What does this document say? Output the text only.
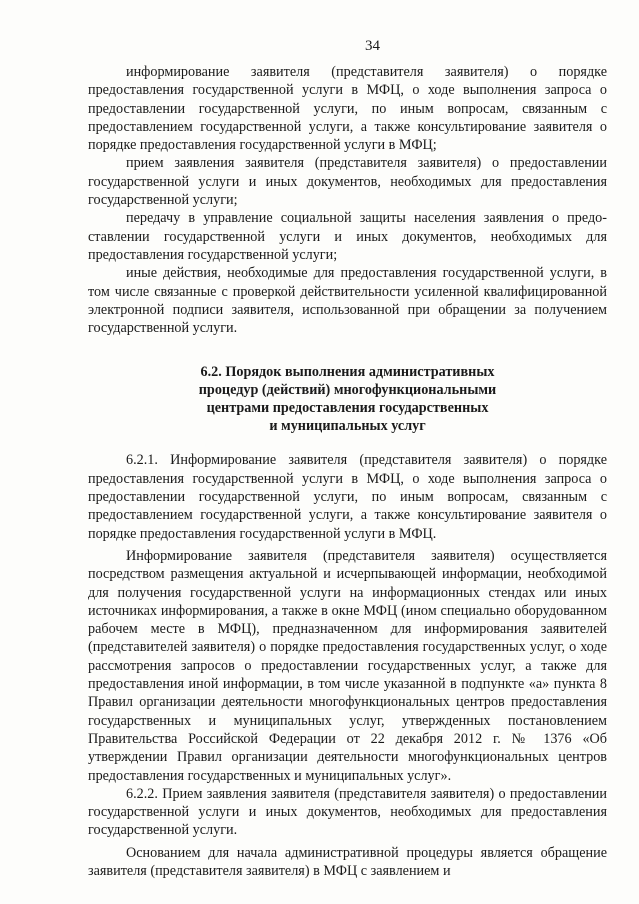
34

информирование заявителя (представителя заявителя) о порядке предоставления государственной услуги в МФЦ, о ходе выполнения запроса о предоставлении государственной услуги, по иным вопросам, связанным с предоставлением государственной услуги, а также консультирование заявителя о порядке предоставления государственной услуги в МФЦ;

прием заявления заявителя (представителя заявителя) о предоставлении государственной услуги и иных документов, необходимых для предоставления государственной услуги;

передачу в управление социальной защиты населения заявления о предоставлении государственной услуги и иных документов, необходимых для предоставления государственной услуги;

иные действия, необходимые для предоставления государственной услуги, в том числе связанные с проверкой действительности усиленной квалифицированной электронной подписи заявителя, использованной при обращении за получением государственной услуги.

6.2. Порядок выполнения административных
процедур (действий) многофункциональными
центрами предоставления государственных
и муниципальных услуг

6.2.1. Информирование заявителя (представителя заявителя) о порядке предоставления государственной услуги в МФЦ, о ходе выполнения запроса о предоставлении государственной услуги, по иным вопросам, связанным с предоставлением государственной услуги, а также консультирование заявителя о порядке предоставления государственной услуги в МФЦ.

Информирование заявителя (представителя заявителя) осуществляется посредством размещения актуальной и исчерпывающей информации, необходимой для получения государственной услуги на информационных стендах или иных источниках информирования, а также в окне МФЦ (ином специально оборудованном рабочем месте в МФЦ), предназначенном для информирования заявителей (представителей заявителя) о порядке предоставления государственных услуг, о ходе рассмотрения запросов о предоставлении государственных услуг, а также для предоставления иной информации, в том числе указанной в подпункте «а» пункта 8 Правил организации деятельности многофункциональных центров предоставления государственных и муниципальных услуг, утвержденных постановлением Правительства Российской Федерации от 22 декабря 2012 г. № 1376 «Об утверждении Правил организации деятельности многофункциональных центров предоставления государственных и муниципальных услуг».

6.2.2. Прием заявления заявителя (представителя заявителя) о предоставлении государственной услуги и иных документов, необходимых для предоставления государственной услуги.

Основанием для начала административной процедуры является обращение заявителя (представителя заявителя) в МФЦ с заявлением и
